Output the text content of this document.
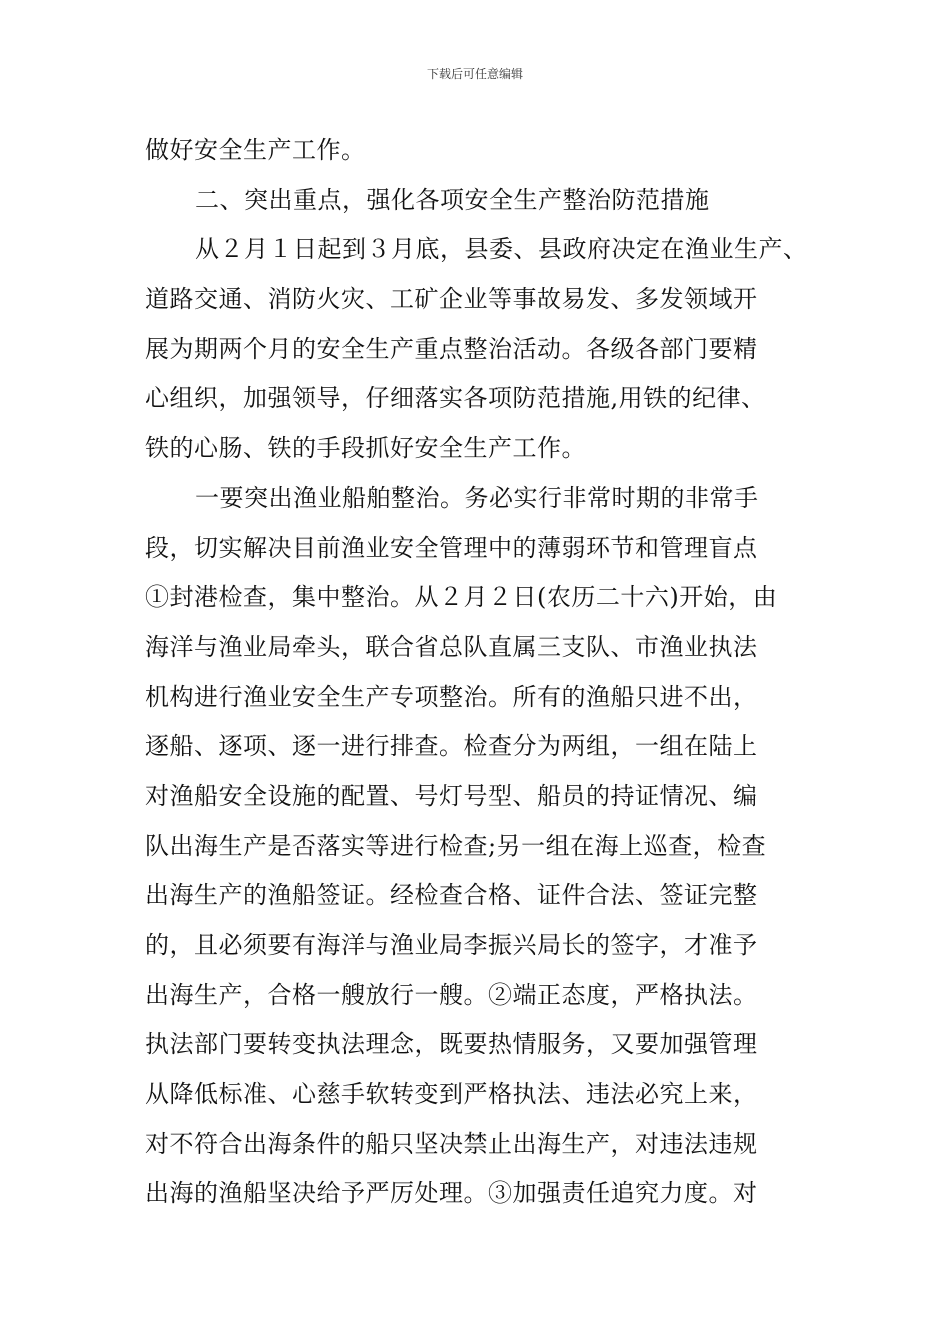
下载后可任意编辑
做好安全生产工作。
二、突出重点，强化各项安全生产整治防范措施
从２月１日起到３月底，县委、县政府决定在渔业生产、
道路交通、消防火灾、工矿企业等事故易发、多发领域开
展为期两个月的安全生产重点整治活动。各级各部门要精
心组织，加强领导，仔细落实各项防范措施,用铁的纪律、
铁的心肠、铁的手段抓好安全生产工作。
一要突出渔业船舶整治。务必实行非常时期的非常手
段，切实解决目前渔业安全管理中的薄弱环节和管理盲点
①封港检查，集中整治。从２月２日(农历二十六)开始，由
海洋与渔业局牵头，联合省总队直属三支队、市渔业执法
机构进行渔业安全生产专项整治。所有的渔船只进不出，
逐船、逐项、逐一进行排查。检查分为两组，一组在陆上
对渔船安全设施的配置、号灯号型、船员的持证情况、编
队出海生产是否落实等进行检查;另一组在海上巡查，检查
出海生产的渔船签证。经检查合格、证件合法、签证完整
的，且必须要有海洋与渔业局李振兴局长的签字，才准予
出海生产，合格一艘放行一艘。②端正态度，严格执法。
执法部门要转变执法理念，既要热情服务，又要加强管理
从降低标准、心慈手软转变到严格执法、违法必究上来，
对不符合出海条件的船只坚决禁止出海生产，对违法违规
出海的渔船坚决给予严厉处理。③加强责任追究力度。对
